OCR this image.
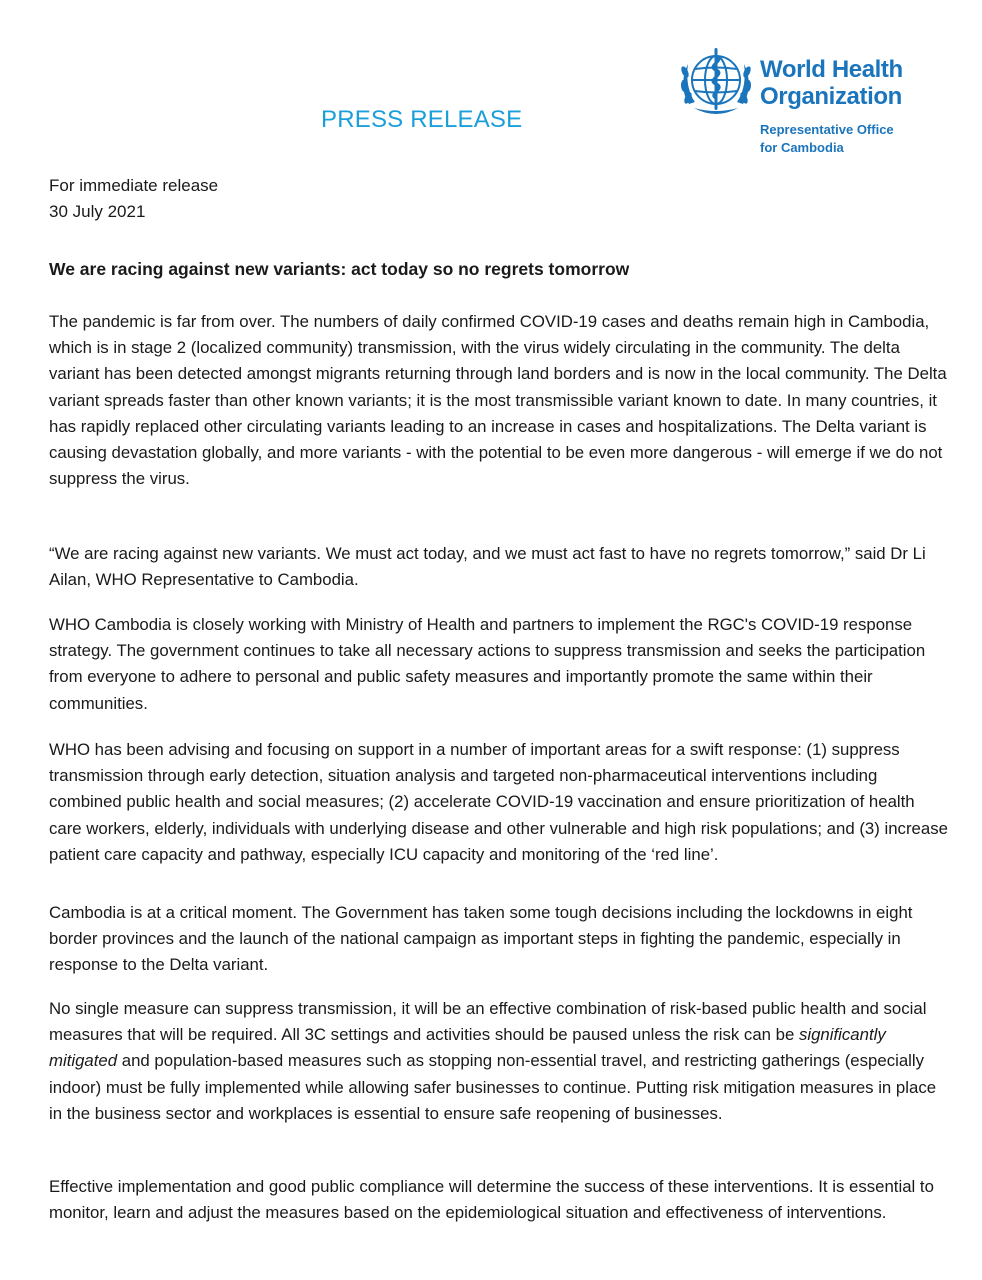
PRESS RELEASE
World Health
Organization
Representative Office
for Cambodia
For immediate release
30 July 2021
We are racing against new variants: act today so no regrets tomorrow

The pandemic is far from over. The numbers of daily confirmed COVID-19 cases and deaths remain high in Cambodia, which is in stage 2 (localized community) transmission, with the virus widely circulating in the community. The delta variant has been detected amongst migrants returning through land borders and is now in the local community. The Delta variant spreads faster than other known variants; it is the most transmissible variant known to date. In many countries, it has rapidly replaced other circulating variants leading to an increase in cases and hospitalizations. The Delta variant is causing devastation globally, and more variants - with the potential to be even more dangerous - will emerge if we do not suppress the virus.

“We are racing against new variants. We must act today, and we must act fast to have no regrets tomorrow,” said Dr Li Ailan, WHO Representative to Cambodia.

WHO Cambodia is closely working with Ministry of Health and partners to implement the RGC's COVID-19 response strategy. The government continues to take all necessary actions to suppress transmission and seeks the participation from everyone to adhere to personal and public safety measures and importantly promote the same within their communities.

WHO has been advising and focusing on support in a number of important areas for a swift response: (1) suppress transmission through early detection, situation analysis and targeted non-pharmaceutical interventions including combined public health and social measures; (2) accelerate COVID-19 vaccination and ensure prioritization of health care workers, elderly, individuals with underlying disease and other vulnerable and high risk populations; and (3) increase patient care capacity and pathway, especially ICU capacity and monitoring of the ‘red line’.

Cambodia is at a critical moment. The Government has taken some tough decisions including the lockdowns in eight border provinces and the launch of the national campaign as important steps in fighting the pandemic, especially in response to the Delta variant.

No single measure can suppress transmission, it will be an effective combination of risk-based public health and social measures that will be required. All 3C settings and activities should be paused unless the risk can be significantly mitigated and population-based measures such as stopping non-essential travel, and restricting gatherings (especially indoor) must be fully implemented while allowing safer businesses to continue. Putting risk mitigation measures in place in the business sector and workplaces is essential to ensure safe reopening of businesses.

Effective implementation and good public compliance will determine the success of these interventions. It is essential to monitor, learn and adjust the measures based on the epidemiological situation and effectiveness of interventions.
